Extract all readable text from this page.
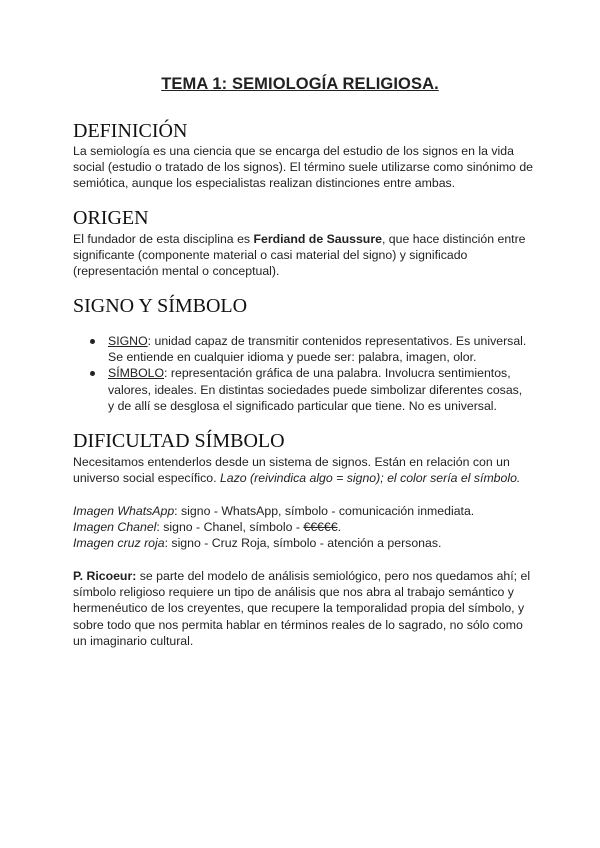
TEMA 1: SEMIOLOGÍA RELIGIOSA.
DEFINICIÓN

La semiología es una ciencia que se encarga del estudio de los signos en la vida social (estudio o tratado de los signos). El término suele utilizarse como sinónimo de semiótica, aunque los especialistas realizan distinciones entre ambas.

ORIGEN

El fundador de esta disciplina es Ferdiand de Saussure, que hace distinción entre significante (componente material o casi material del signo) y significado (representación mental o conceptual).

SIGNO Y SÍMBOLO
SIGNO: unidad capaz de transmitir contenidos representativos. Es universal. Se entiende en cualquier idioma y puede ser: palabra, imagen, olor.
SÍMBOLO: representación gráfica de una palabra. Involucra sentimientos, valores, ideales. En distintas sociedades puede simbolizar diferentes cosas, y de allí se desglosa el significado particular que tiene. No es universal.
DIFICULTAD SÍMBOLO

Necesitamos entenderlos desde un sistema de signos. Están en relación con un universo social específico. Lazo (reivindica algo = signo); el color sería el símbolo.

Imagen WhatsApp: signo - WhatsApp, símbolo - comunicación inmediata.
Imagen Chanel: signo - Chanel, símbolo - €€€€€.
Imagen cruz roja: signo - Cruz Roja, símbolo - atención a personas.

P. Ricoeur: se parte del modelo de análisis semiológico, pero nos quedamos ahí; el símbolo religioso requiere un tipo de análisis que nos abra al trabajo semántico y hermenéutico de los creyentes, que recupere la temporalidad propia del símbolo, y sobre todo que nos permita hablar en términos reales de lo sagrado, no sólo como un imaginario cultural.
